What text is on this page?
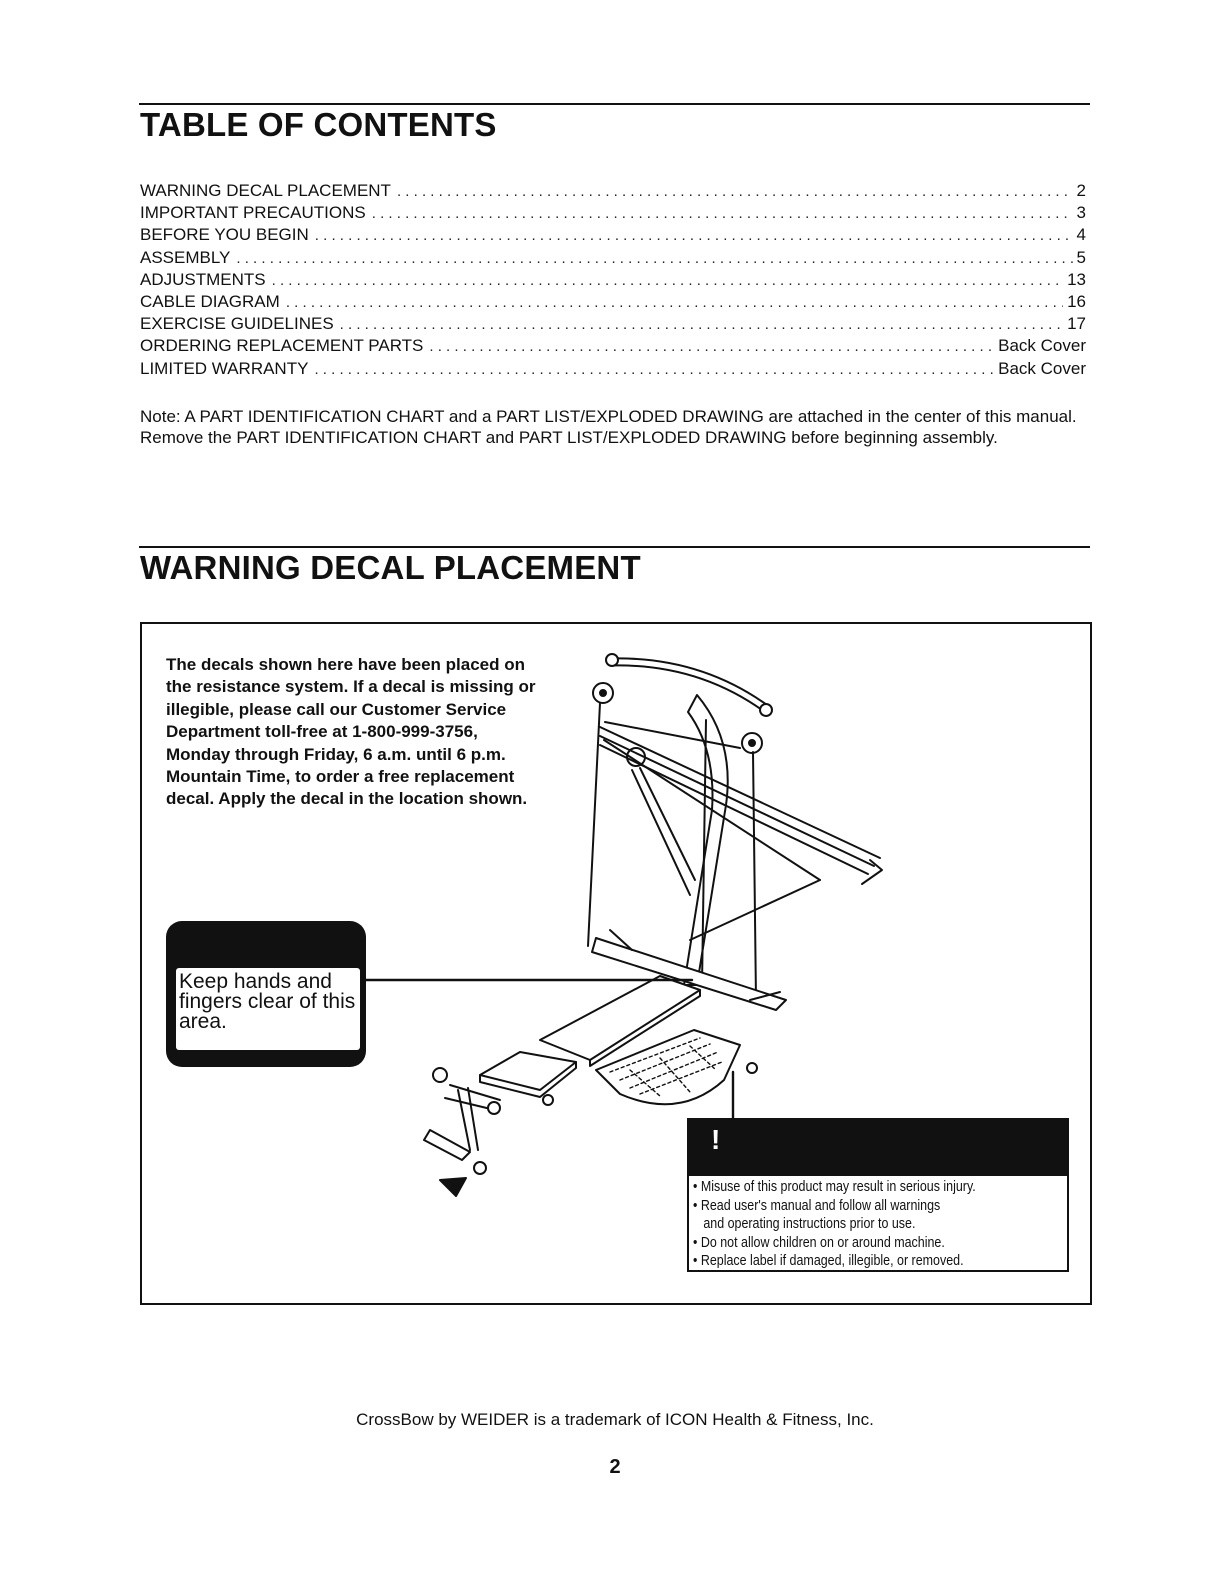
TABLE OF CONTENTS
WARNING DECAL PLACEMENT . . .	2
IMPORTANT PRECAUTIONS . . .	3
BEFORE YOU BEGIN . . .	4
ASSEMBLY . . .	5
ADJUSTMENTS . . .	13
CABLE DIAGRAM . . .	16
EXERCISE GUIDELINES . . .	17
ORDERING REPLACEMENT PARTS . . .	Back Cover
LIMITED WARRANTY . . .	Back Cover

Note: A PART IDENTIFICATION CHART and a PART LIST/EXPLODED DRAWING are attached in the center of this manual. Remove the PART IDENTIFICATION CHART and PART LIST/EXPLODED DRAWING before beginning assembly.

WARNING DECAL PLACEMENT

The decals shown here have been placed on the resistance system. If a decal is missing or illegible, please call our Customer Service Department toll-free at 1-800-999-3756, Monday through Friday, 6 a.m. until 6 p.m. Mountain Time, to order a free replacement decal. Apply the decal in the location shown.

Keep hands and fingers clear of this area.

!
• Misuse of this product may result in serious injury.
• Read user's manual and follow all warnings
and operating instructions prior to use.
• Do not allow children on or around machine.
• Replace label if damaged, illegible, or removed.

CrossBow by WEIDER is a trademark of ICON Health & Fitness, Inc.

2
